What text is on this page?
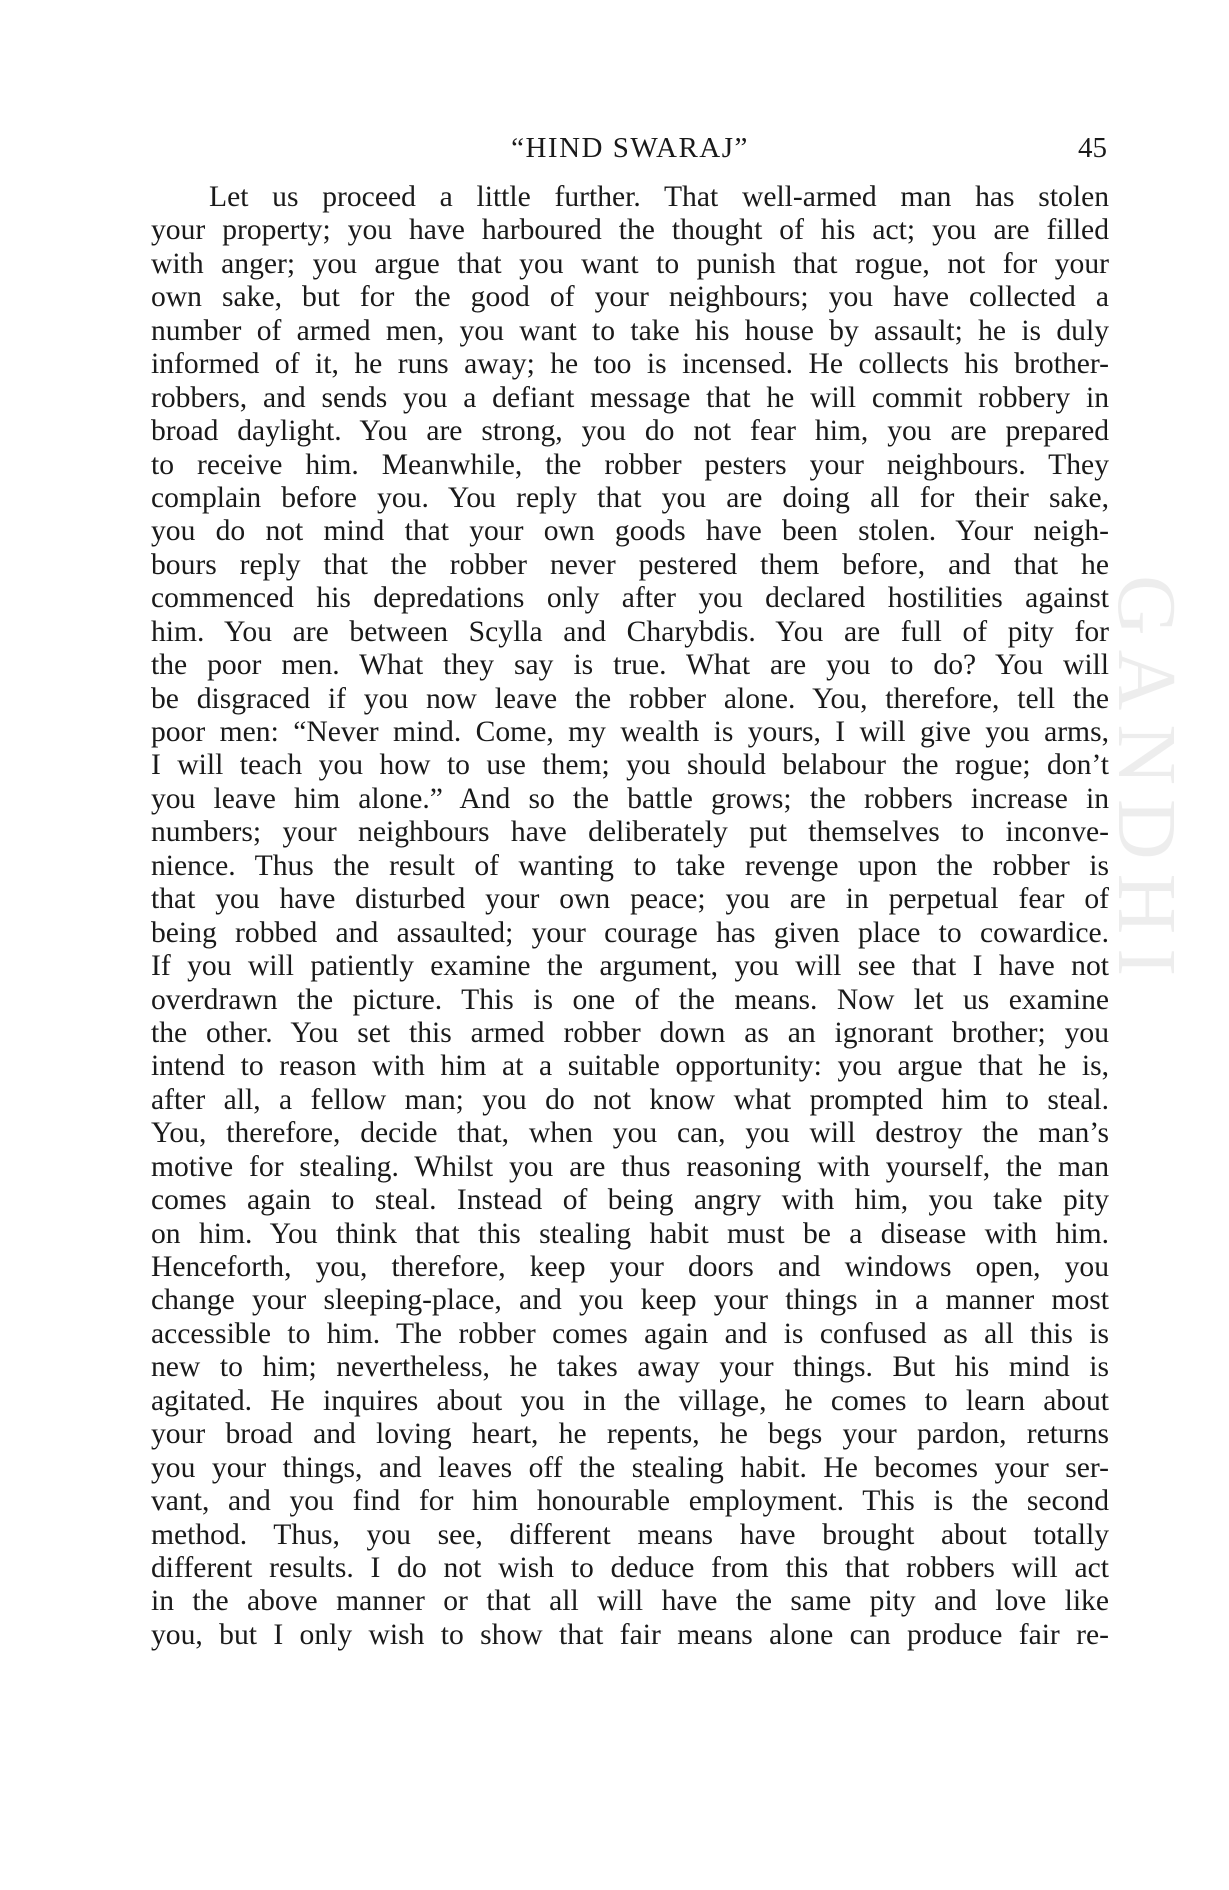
“HIND SWARAJ”	45
GANDHI
Let us proceed a little further. That well-armed man has stolen
your property; you have harboured the thought of his act; you are filled
with anger; you argue that you want to punish that rogue, not for your
own sake, but for the good of your neighbours; you have collected a
number of armed men, you want to take his house by assault; he is duly
informed of it, he runs away; he too is incensed. He collects his brother-
robbers, and sends you a defiant message that he will commit robbery in
broad daylight. You are strong, you do not fear him, you are prepared
to receive him. Meanwhile, the robber pesters your neighbours. They
complain before you. You reply that you are doing all for their sake,
you do not mind that your own goods have been stolen. Your neigh-
bours reply that the robber never pestered them before, and that he
commenced his depredations only after you declared hostilities against
him. You are between Scylla and Charybdis. You are full of pity for
the poor men. What they say is true. What are you to do? You will
be disgraced if you now leave the robber alone. You, therefore, tell the
poor men: “Never mind. Come, my wealth is yours, I will give you arms,
I will teach you how to use them; you should belabour the rogue; don’t
you leave him alone.” And so the battle grows; the robbers increase in
numbers; your neighbours have deliberately put themselves to inconve-
nience. Thus the result of wanting to take revenge upon the robber is
that you have disturbed your own peace; you are in perpetual fear of
being robbed and assaulted; your courage has given place to cowardice.
If you will patiently examine the argument, you will see that I have not
overdrawn the picture. This is one of the means. Now let us examine
the other. You set this armed robber down as an ignorant brother; you
intend to reason with him at a suitable opportunity: you argue that he is,
after all, a fellow man; you do not know what prompted him to steal.
You, therefore, decide that, when you can, you will destroy the man’s
motive for stealing. Whilst you are thus reasoning with yourself, the man
comes again to steal. Instead of being angry with him, you take pity
on him. You think that this stealing habit must be a disease with him.
Henceforth, you, therefore, keep your doors and windows open, you
change your sleeping-place, and you keep your things in a manner most
accessible to him. The robber comes again and is confused as all this is
new to him; nevertheless, he takes away your things. But his mind is
agitated. He inquires about you in the village, he comes to learn about
your broad and loving heart, he repents, he begs your pardon, returns
you your things, and leaves off the stealing habit. He becomes your ser-
vant, and you find for him honourable employment. This is the second
method. Thus, you see, different means have brought about totally
different results. I do not wish to deduce from this that robbers will act
in the above manner or that all will have the same pity and love like
you, but I only wish to show that fair means alone can produce fair re-
